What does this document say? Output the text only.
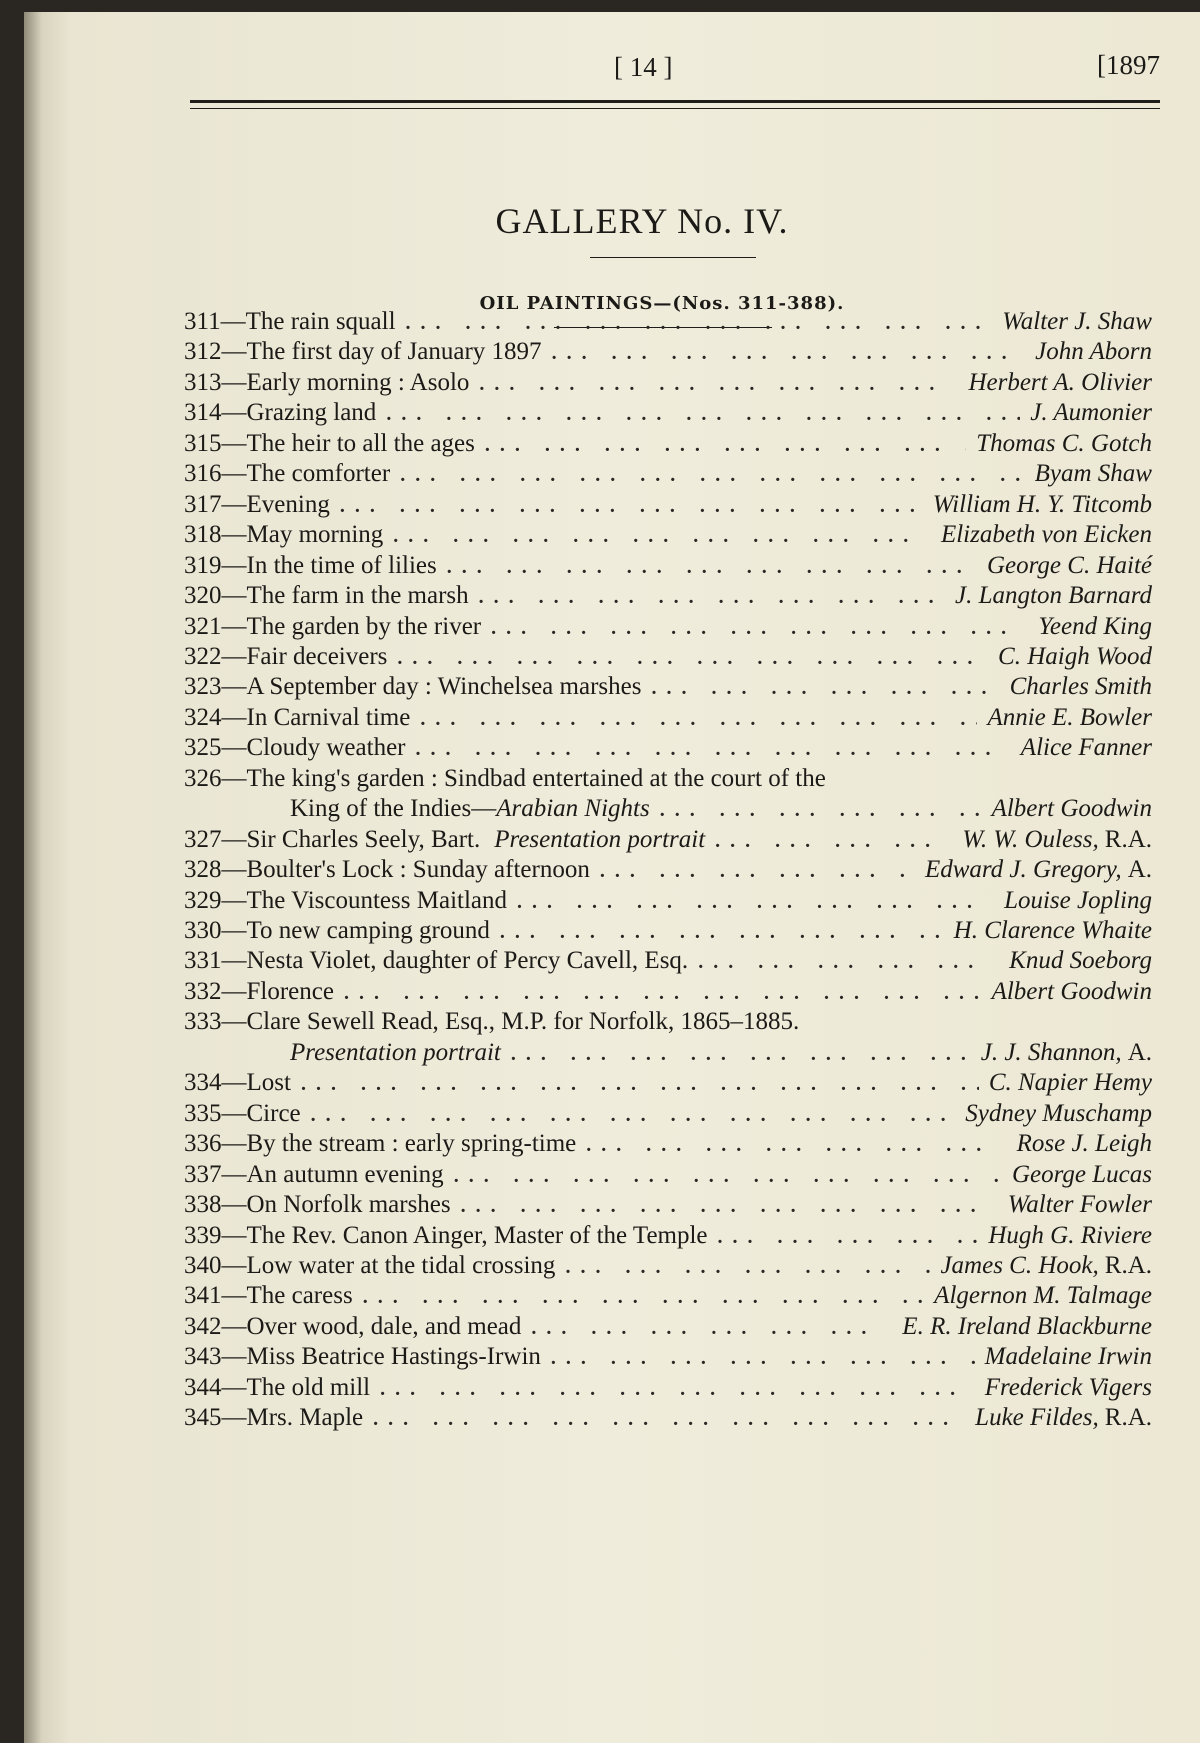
[ 14 ]	[1897
GALLERY No. IV.
OIL PAINTINGS—(Nos. 311-388).
311 — The rain squall ... .	Walter J. Shaw
312 — The first day of January 1897 ... .	John Aborn
313 — Early morning : Asolo ... .	Herbert A. Olivier
314 — Grazing land ... .	J. Aumonier
315 — The heir to all the ages ... .	Thomas C. Gotch
316 — The comforter ... .	Byam Shaw
317 — Evening ... .	William H. Y. Titcomb
318 — May morning ... .	Elizabeth von Eicken
319 — In the time of lilies ... .	George C. Haité
320 — The farm in the marsh ... .	J. Langton Barnard
321 — The garden by the river ... .	Yeend King
322 — Fair deceivers ... .	C. Haigh Wood
323 — A September day : Winchelsea marshes ... .	Charles Smith
324 — In Carnival time ... .	Annie E. Bowler
325 — Cloudy weather ... .	Alice Fanner
326 — The king's garden : Sindbad entertained at the court of the
King of the Indies— Arabian Nights ... .	Albert Goodwin
327 — Sir Charles Seely, Bart. Presentation portrait ... .	W. W. Ouless, R.A.
328 — Boulter's Lock : Sunday afternoon ... .	Edward J. Gregory, A.
329 — The Viscountess Maitland ... .	Louise Jopling
330 — To new camping ground ... .	H. Clarence Whaite
331 — Nesta Violet, daughter of Percy Cavell, Esq. ... .	Knud Soeborg
332 — Florence ... .	Albert Goodwin
333 — Clare Sewell Read, Esq., M.P. for Norfolk, 1865–1885.
Presentation portrait ... .	J. J. Shannon, A.
334 — Lost ... .	C. Napier Hemy
335 — Circe ... .	Sydney Muschamp
336 — By the stream : early spring-time ... .	Rose J. Leigh
337 — An autumn evening ... .	George Lucas
338 — On Norfolk marshes ... .	Walter Fowler
339 — The Rev. Canon Ainger, Master of the Temple ... .	Hugh G. Riviere
340 — Low water at the tidal crossing ... .	James C. Hook, R.A.
341 — The caress ... .	Algernon M. Talmage
342 — Over wood, dale, and mead ... .	E. R. Ireland Blackburne
343 — Miss Beatrice Hastings-Irwin ... .	Madelaine Irwin
344 — The old mill ... .	Frederick Vigers
345 — Mrs. Maple ... .	Luke Fildes, R.A.
